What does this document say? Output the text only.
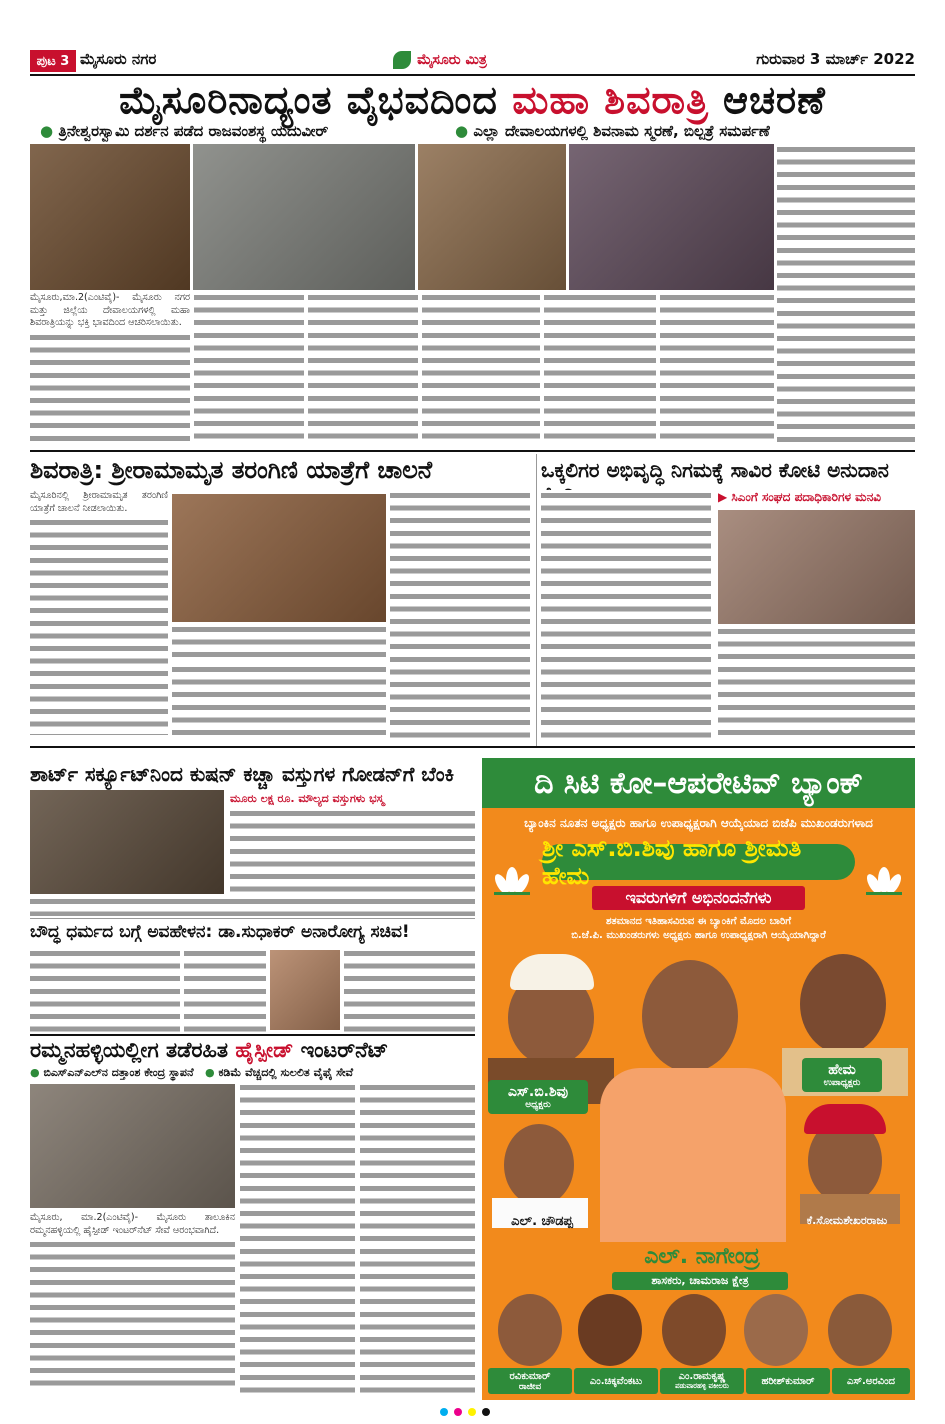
ಪುಟ 3 ಮೈಸೂರು ನಗರ	ಮೈಸೂರು ಮಿತ್ರ	ಗುರುವಾರ 3 ಮಾರ್ಚ್ 2022
ಮೈಸೂರಿನಾದ್ಯಂತ ವೈಭವದಿಂದ ಮಹಾ ಶಿವರಾತ್ರಿ ಆಚರಣೆ
● ತ್ರಿನೇಶ್ವರಸ್ವಾಮಿ ದರ್ಶನ ಪಡೆದ ರಾಜವಂಶಸ್ಥ ಯದುವೀರ್	● ಎಲ್ಲಾ ದೇವಾಲಯಗಳಲ್ಲಿ ಶಿವನಾಮ ಸ್ಮರಣೆ, ಬಿಲ್ಪತ್ರೆ ಸಮರ್ಪಣೆ
ಮೈಸೂರು,ಮಾ.2(ಎಂಟಿವೈ)- ಮೈಸೂರು ನಗರ ಮತ್ತು ಜಿಲ್ಲೆಯ ದೇವಾಲಯಗಳಲ್ಲಿ ಮಹಾ ಶಿವರಾತ್ರಿಯನ್ನು ಭಕ್ತಿ ಭಾವದಿಂದ ಆಚರಿಸಲಾಯಿತು.
ಶಿವರಾತ್ರಿ: ಶ್ರೀರಾಮಾಮೃತ ತರಂಗಿಣಿ ಯಾತ್ರೆಗೆ ಚಾಲನೆ
ಮೈಸೂರಿನಲ್ಲಿ ಶ್ರೀರಾಮಾಮೃತ ತರಂಗಿಣಿ ಯಾತ್ರೆಗೆ ಚಾಲನೆ ನೀಡಲಾಯಿತು.
ಒಕ್ಕಲಿಗರ ಅಭಿವೃದ್ಧಿ ನಿಗಮಕ್ಕೆ ಸಾವಿರ ಕೋಟಿ ಅನುದಾನ
▶ ಸಿಎಂಗೆ ಸಂಘದ ಪದಾಧಿಕಾರಿಗಳ ಮನವಿ
ಶಾರ್ಟ್ ಸರ್ಕ್ಯೂಟ್‌ನಿಂದ ಕುಷನ್ ಕಚ್ಚಾ ವಸ್ತುಗಳ ಗೋಡನ್‌ಗೆ ಬೆಂಕಿ
ಮೂರು ಲಕ್ಷ ರೂ. ಮೌಲ್ಯದ ವಸ್ತುಗಳು ಭಸ್ಮ
ಬೌದ್ಧ ಧರ್ಮದ ಬಗ್ಗೆ ಅವಹೇಳನ: ಡಾ.ಸುಧಾಕರ್ ಅನಾರೋಗ್ಯ ಸಚಿವ!
ರಮ್ಮನಹಳ್ಳಿಯಲ್ಲೀಗ ತಡೆರಹಿತ ಹೈಸ್ಪೀಡ್ ಇಂಟರ್‌ನೆಟ್
● ಬಿಎಸ್‌ಎನ್‌ಎಲ್‌ನ ದತ್ತಾಂಶ ಕೇಂದ್ರ ಸ್ಥಾಪನೆ ● ಕಡಿಮೆ ವೆಚ್ಚದಲ್ಲಿ ಸುಲಲಿತ ವೈಫೈ ಸೇವೆ
ಮೈಸೂರು, ಮಾ.2(ಎಂಟಿವೈ)- ಮೈಸೂರು ತಾಲೂಕಿನ ರಮ್ಮನಹಳ್ಳಿಯಲ್ಲಿ ಹೈಸ್ಪೀಡ್ ಇಂಟರ್‌ನೆಟ್ ಸೇವೆ ಆರಂಭವಾಗಿದೆ.
ದಿ ಸಿಟಿ ಕೋ–ಆಪರೇಟಿವ್ ಬ್ಯಾಂಕ್
ಬ್ಯಾಂಕಿನ ನೂತನ ಅಧ್ಯಕ್ಷರು ಹಾಗೂ ಉಪಾಧ್ಯಕ್ಷರಾಗಿ ಆಯ್ಕೆಯಾದ ಬಿಜೆಪಿ ಮುಖಂಡರುಗಳಾದ
ಶ್ರೀ ಎಸ್.ಬಿ.ಶಿವು ಹಾಗೂ ಶ್ರೀಮತಿ ಹೇಮ
ಇವರುಗಳಿಗೆ ಅಭಿನಂದನೆಗಳು
ಶತಮಾನದ ಇತಿಹಾಸವಿರುವ ಈ ಬ್ಯಾಂಕಿಗೆ ಮೊದಲ ಬಾರಿಗೆ
ಬಿ.ಜೆ.ಪಿ. ಮುಖಂಡರುಗಳು ಅಧ್ಯಕ್ಷರು ಹಾಗೂ ಉಪಾಧ್ಯಕ್ಷರಾಗಿ ಆಯ್ಕೆಯಾಗಿದ್ದಾರೆ
ಎಸ್.ಬಿ.ಶಿವು
ಅಧ್ಯಕ್ಷರು
ಹೇಮ
ಉಪಾಧ್ಯಕ್ಷರು
ಎಲ್. ಚೌಡಪ್ಪ	ಕೆ.ಸೋಮಶೇಖರರಾಜು
ಎಲ್. ನಾಗೇಂದ್ರ
ಶಾಸಕರು, ಚಾಮರಾಜ ಕ್ಷೇತ್ರ
ರವಿಕುಮಾರ್
ರಾಜೀವ	ಎಂ.ಚಿಕ್ಕವೆಂಕಟು	ಎಂ.ರಾಮಕೃಷ್ಣ
ಪಡುವಾರಹಳ್ಳಿ ವಕೀಲರು	ಹರೀಶ್‌ಕುಮಾರ್	ಎಸ್.ಅರವಿಂದ
